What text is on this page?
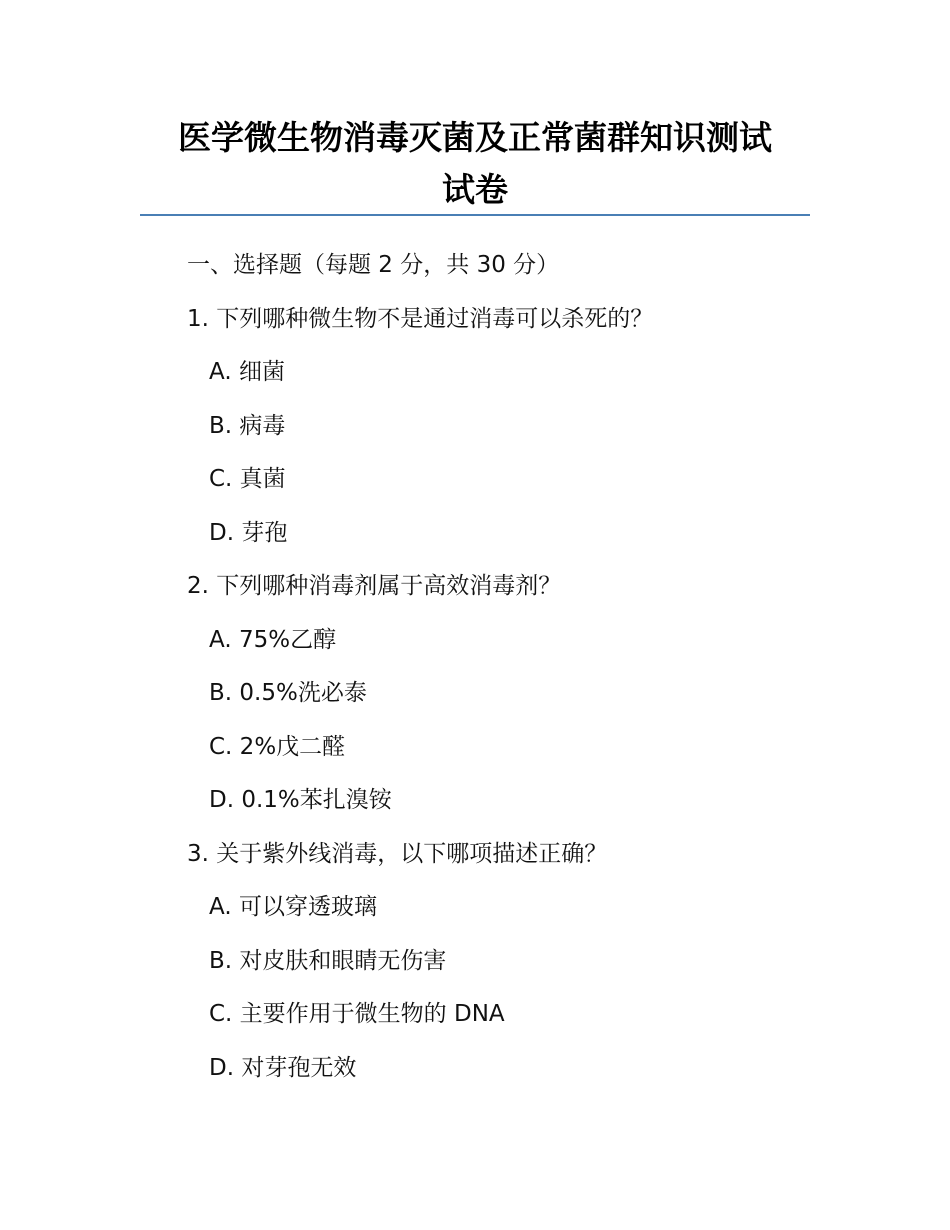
医学微生物消毒灭菌及正常菌群知识测试
试卷
一、选择题（每题 2 分，共 30 分）
1. 下列哪种微生物不是通过消毒可以杀死的？
A. 细菌
B. 病毒
C. 真菌
D. 芽孢
2. 下列哪种消毒剂属于高效消毒剂？
A. 75%乙醇
B. 0.5%洗必泰
C. 2%戊二醛
D. 0.1%苯扎溴铵
3. 关于紫外线消毒，以下哪项描述正确？
A. 可以穿透玻璃
B. 对皮肤和眼睛无伤害
C. 主要作用于微生物的 DNA
D. 对芽孢无效
